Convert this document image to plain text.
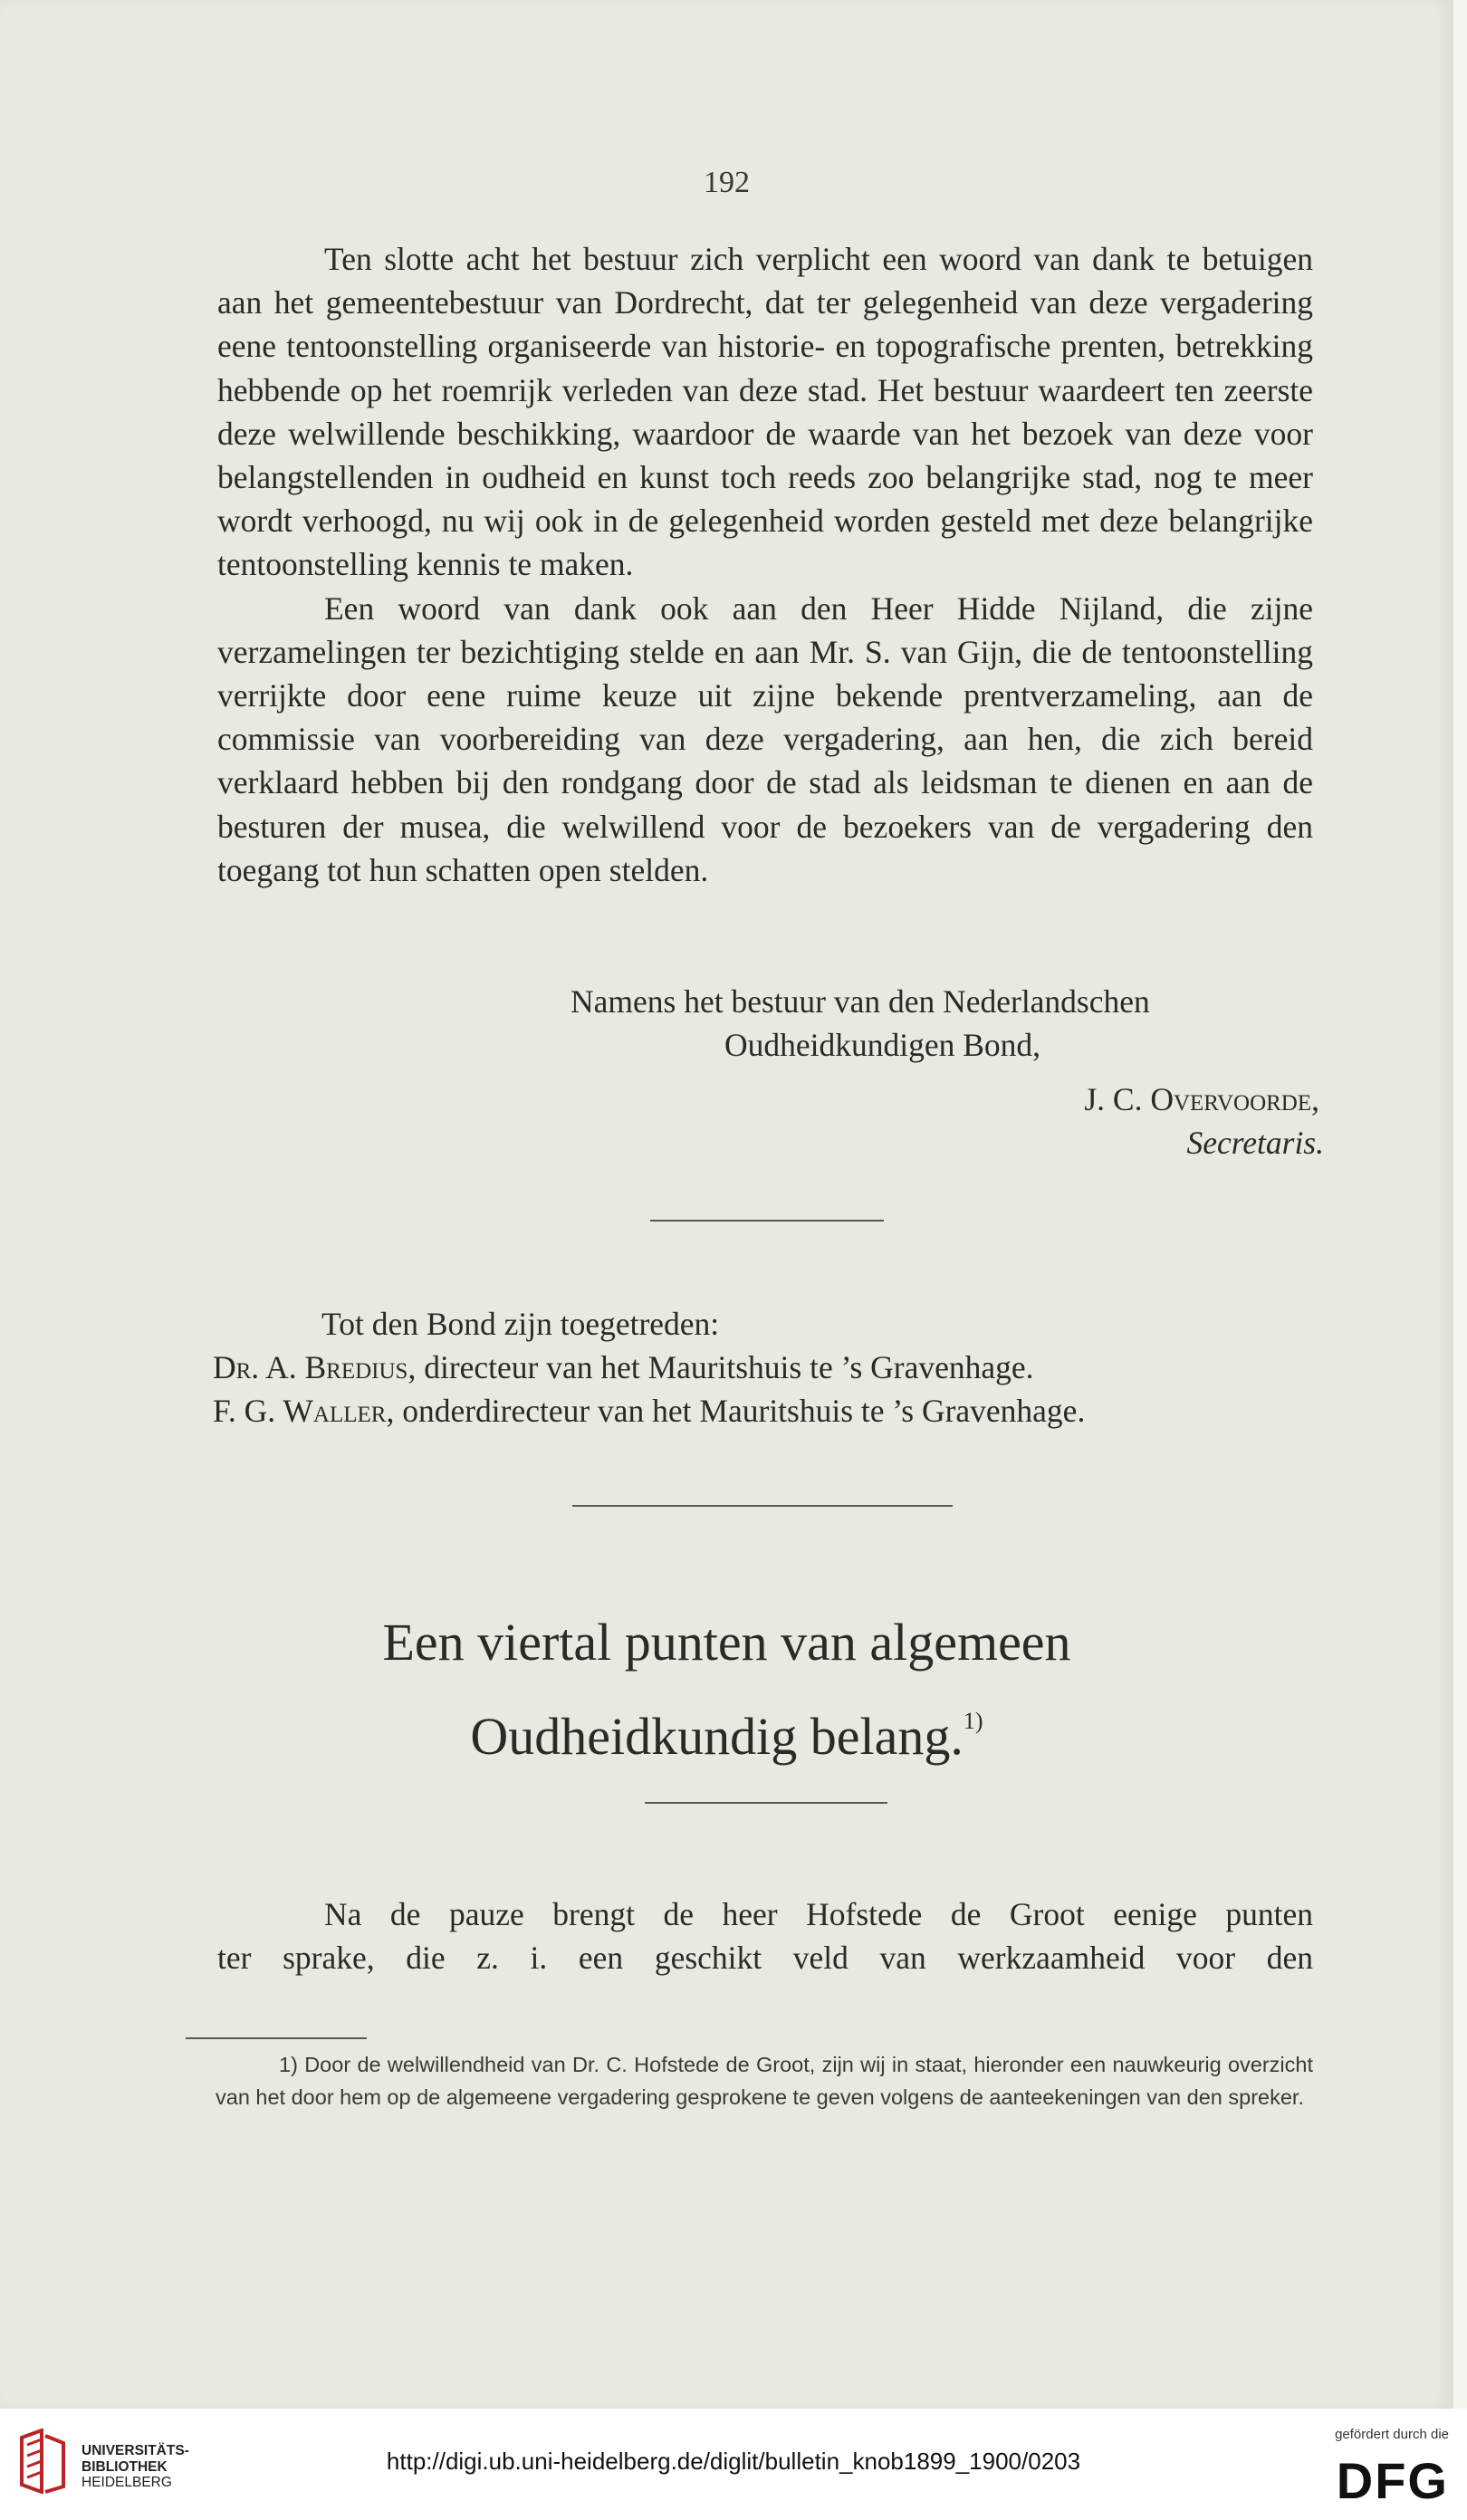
192

Ten slotte acht het bestuur zich verplicht een woord van dank te betuigen aan het gemeentebestuur van Dordrecht, dat ter gelegenheid van deze vergadering eene tentoonstelling organiseerde van historie- en topografische prenten, betrekking hebbende op het roemrijk verleden van deze stad. Het bestuur waardeert ten zeerste deze welwillende beschikking, waardoor de waarde van het bezoek van deze voor belangstellenden in oudheid en kunst toch reeds zoo belangrijke stad, nog te meer wordt verhoogd, nu wij ook in de gelegenheid worden gesteld met deze belangrijke tentoonstelling kennis te maken.

Een woord van dank ook aan den Heer Hidde Nijland, die zijne verzamelingen ter bezichtiging stelde en aan Mr. S. van Gijn, die de tentoonstelling verrijkte door eene ruime keuze uit zijne bekende prentverzameling, aan de commissie van voorbereiding van deze vergadering, aan hen, die zich bereid verklaard hebben bij den rondgang door de stad als leidsman te dienen en aan de besturen der musea, die welwillend voor de bezoekers van de vergadering den toegang tot hun schatten open stelden.

Namens het bestuur van den Nederlandschen
Oudheidkundigen Bond,
J. C. Overvoorde,
Secretaris.
Tot den Bond zijn toegetreden:
Dr. A. Bredius, directeur van het Mauritshuis te ’s Gravenhage.
F. G. Waller, onderdirecteur van het Mauritshuis te ’s Gravenhage.
Een viertal punten van algemeen
Oudheidkundig belang.$^{1)}$

Na de pauze brengt de heer Hofstede de Groot eenige punten

ter sprake, die z. i. een geschikt veld van werkzaamheid voor den

1) Door de welwillendheid van Dr. C. Hofstede de Groot, zijn wij in staat, hieronder een nauwkeurig overzicht van het door hem op de algemeene vergadering gesprokene te geven volgens de aanteekeningen van den spreker.

UNIVERSITÄTS-
BIBLIOTHEK
HEIDELBERG
http://digi.ub.uni-heidelberg.de/diglit/bulletin_knob1899_1900/0203
gefördert durch die
DFG
